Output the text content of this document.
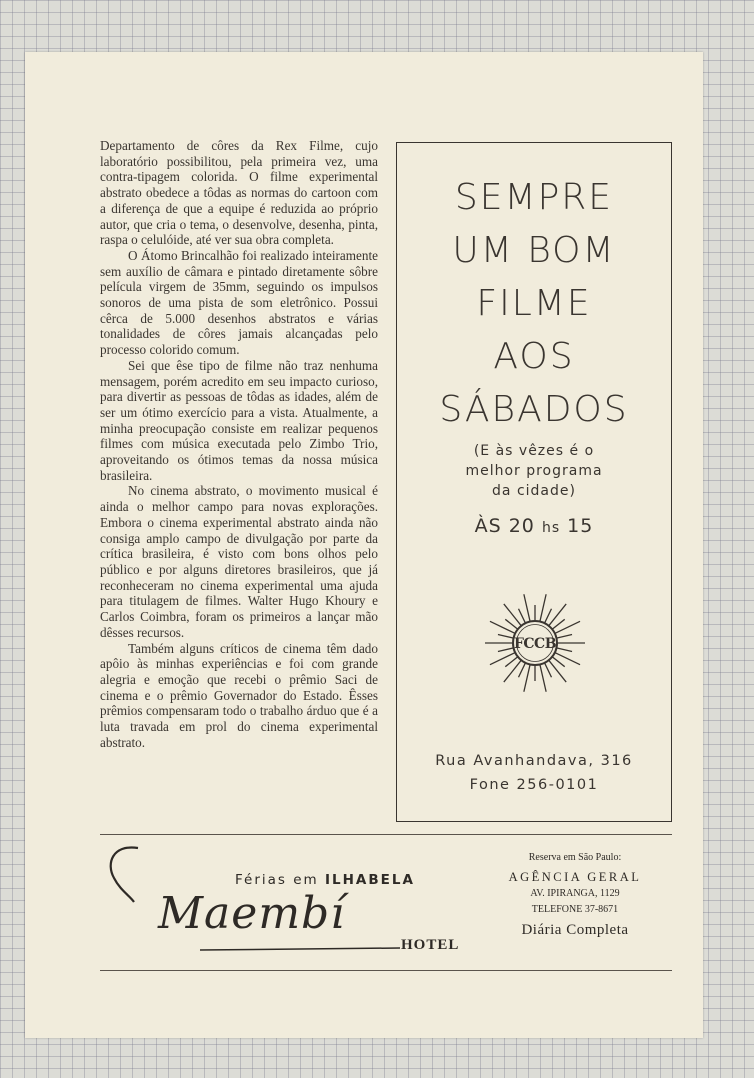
Departamento de côres da Rex Filme, cujo laboratório possibilitou, pela primeira vez, uma contra-tipagem colorida. O filme experimental abstrato obedece a tôdas as normas do cartoon com a diferença de que a equipe é reduzida ao próprio autor, que cria o tema, o desenvolve, desenha, pinta, raspa o celulóide, até ver sua obra completa.

O Átomo Brincalhão foi realizado inteiramente sem auxílio de câmara e pintado diretamente sôbre película virgem de 35mm, seguindo os impulsos sonoros de uma pista de som eletrônico. Possui cêrca de 5.000 desenhos abstratos e várias tonalidades de côres jamais alcançadas pelo processo colorido comum.

Sei que êse tipo de filme não traz nenhuma mensagem, porém acredito em seu impacto curioso, para divertir as pessoas de tôdas as idades, além de ser um ótimo exercício para a vista. Atualmente, a minha preocupação consiste em realizar pequenos filmes com música executada pelo Zimbo Trio, aproveitando os ótimos temas da nossa música brasileira.

No cinema abstrato, o movimento musical é ainda o melhor campo para novas explorações. Embora o cinema experimental abstrato ainda não consiga amplo campo de divulgação por parte da crítica brasileira, é visto com bons olhos pelo público e por alguns diretores brasileiros, que já reconheceram no cinema experimental uma ajuda para titulagem de filmes. Walter Hugo Khoury e Carlos Coimbra, foram os primeiros a lançar mão dêsses recursos.

Também alguns críticos de cinema têm dado apôio às minhas experiências e foi com grande alegria e emoção que recebi o prêmio Saci de cinema e o prêmio Governador do Estado. Êsses prêmios compensaram todo o trabalho árduo que é a luta travada em prol do cinema experimental abstrato.

SEMPRE
UM BOM
FILME
AOS
SÁBADOS
(E às vêzes é o
melhor programa
da cidade)
ÀS 20 hs 15
FCCB
Rua Avanhandava, 316
Fone 256-0101
Férias em ILHABELA
Maembí
HOTEL
Reserva em São Paulo:
AGÊNCIA GERAL
AV. IPIRANGA, 1129
TELEFONE 37-8671
Diária Completa
